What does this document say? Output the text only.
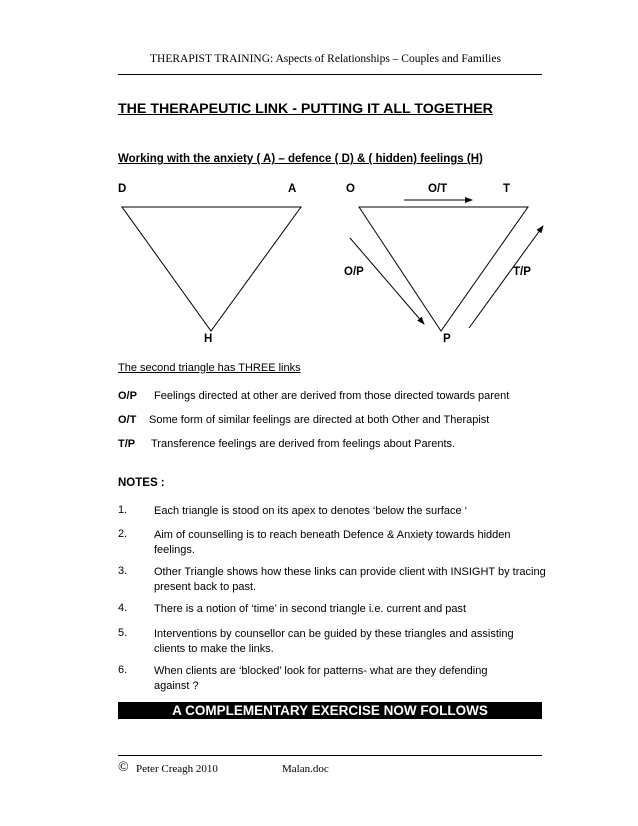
THERAPIST TRAINING: Aspects of Relationships – Couples and Families
THE THERAPEUTIC LINK - PUTTING IT ALL TOGETHER
Working with the anxiety ( A) – defence ( D) & ( hidden) feelings (H)
D	A
H
O	O/T	T
O/P	T/P
P
The second triangle has THREE links
O/P Feelings directed at other are derived from those directed towards parent
O/T Some form of similar feelings are directed at both Other and Therapist
T/P Transference feelings are derived from feelings about Parents.
NOTES :
1. Each triangle is stood on its apex to denotes ‘below the surface ‘
2. Aim of counselling is to reach beneath Defence & Anxiety towards hidden
feelings.
3. Other Triangle shows how these links can provide client with INSIGHT by tracing
present back to past.
4. There is a notion of ‘time’ in second triangle i.e. current and past
5. Interventions by counsellor can be guided by these triangles and assisting
clients to make the links.
6. When clients are ‘blocked’ look for patterns- what are they defending
against ?
A COMPLEMENTARY EXERCISE NOW FOLLOWS
© Peter Creagh 2010	Malan.doc
